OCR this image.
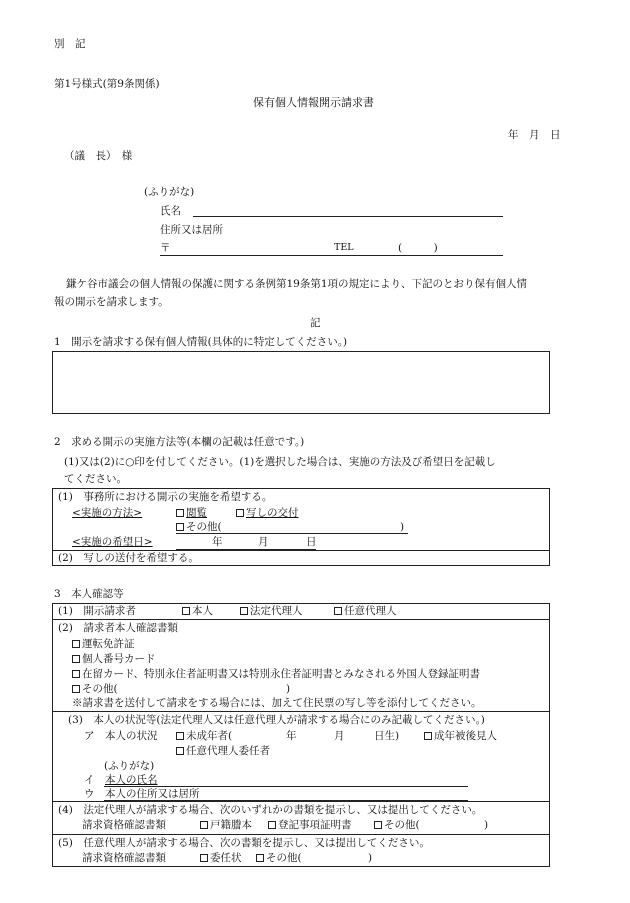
別　記
第1号様式(第9条関係)
保有個人情報開示請求書
年　月　日
（議　長）　様
(ふりがな)
氏名
住所又は居所
〒	TEL	(　　　)
鎌ケ谷市議会の個人情報の保護に関する条例第19条第1項の規定により、下記のとおり保有個人情
報の開示を請求します。
記
1　開示を請求する保有個人情報(具体的に特定してください。)
2　求める開示の実施方法等(本欄の記載は任意です。)
(1)又は(2)に○印を付してください。(1)を選択した場合は、実施の方法及び希望日を記載し
てください。
(1)　事務所における開示の実施を希望する。
<実施の方法>	閲覧	写しの交付
その他(	)
<実施の希望日>	年	月	日
(2)　写しの送付を希望する。
3　本人確認等
(1)　開示請求者	本人	法定代理人	任意代理人
(2)　請求者本人確認書類
運転免許証
個人番号カード
在留カード、特別永住者証明書又は特別永住者証明書とみなされる外国人登録証明書
その他(	)
※請求書を送付して請求をする場合には、加えて住民票の写し等を添付してください。
(3)　本人の状況等(法定代理人又は任意代理人が請求する場合にのみ記載してください。)
ア　本人の状況	未成年者(	年	月	日生)	成年被後見人
任意代理人委任者
(ふりがな)
イ　 本人の氏名
ウ　 本人の住所又は居所
(4)　法定代理人が請求する場合、次のいずれかの書類を提示し、又は提出してください。
請求資格確認書類	戸籍謄本	登記事項証明書	その他(	)
(5)　任意代理人が請求する場合、次の書類を提示し、又は提出してください。
請求資格確認書類	委任状	その他(	)
